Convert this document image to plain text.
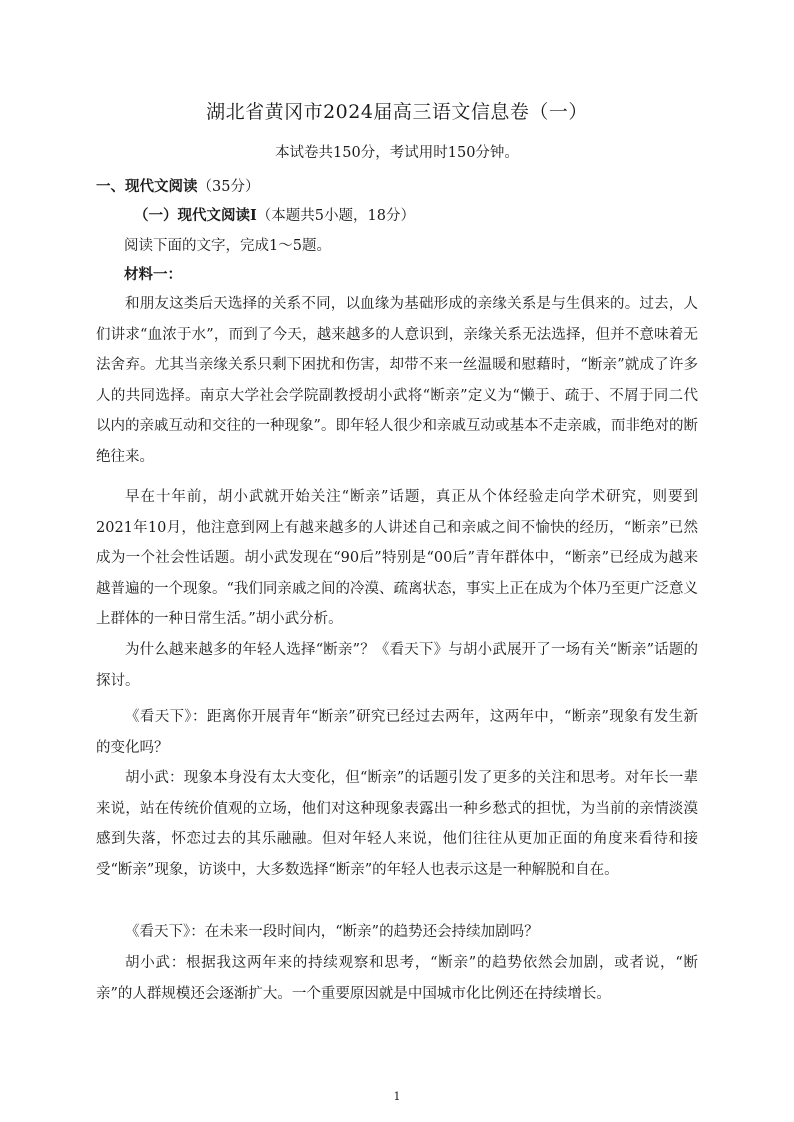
湖北省黄冈市2024届高三语文信息卷（一）
本试卷共150分，考试用时150分钟。
一、现代文阅读（35分）
（一）现代文阅读Ⅰ（本题共5小题，18分）
阅读下面的文字，完成1～5题。
材料一：

和朋友这类后天选择的关系不同，以血缘为基础形成的亲缘关系是与生俱来的。过去，人们讲求“血浓于水”，而到了今天，越来越多的人意识到，亲缘关系无法选择，但并不意味着无法舍弃。尤其当亲缘关系只剩下困扰和伤害，却带不来一丝温暖和慰藉时，“断亲”就成了许多人的共同选择。南京大学社会学院副教授胡小武将“断亲”定义为“懒于、疏于、不屑于同二代以内的亲戚互动和交往的一种现象”。即年轻人很少和亲戚互动或基本不走亲戚，而非绝对的断绝往来。

早在十年前，胡小武就开始关注“断亲”话题，真正从个体经验走向学术研究，则要到2021年10月，他注意到网上有越来越多的人讲述自己和亲戚之间不愉快的经历，“断亲”已然成为一个社会性话题。胡小武发现在“90后”特别是“00后”青年群体中，“断亲”已经成为越来越普遍的一个现象。“我们同亲戚之间的冷漠、疏离状态，事实上正在成为个体乃至更广泛意义上群体的一种日常生活。”胡小武分析。

为什么越来越多的年轻人选择“断亲”？《看天下》与胡小武展开了一场有关“断亲”话题的探讨。

《看天下》：距离你开展青年“断亲”研究已经过去两年，这两年中，“断亲”现象有发生新的变化吗？

胡小武：现象本身没有太大变化，但“断亲”的话题引发了更多的关注和思考。对年长一辈来说，站在传统价值观的立场，他们对这种现象表露出一种乡愁式的担忧，为当前的亲情淡漠感到失落，怀恋过去的其乐融融。但对年轻人来说，他们往往从更加正面的角度来看待和接受“断亲”现象，访谈中，大多数选择“断亲”的年轻人也表示这是一种解脱和自在。

《看天下》：在未来一段时间内，“断亲”的趋势还会持续加剧吗？

胡小武：根据我这两年来的持续观察和思考，“断亲”的趋势依然会加剧，或者说，“断亲”的人群规模还会逐渐扩大。一个重要原因就是中国城市化比例还在持续增长。

1
